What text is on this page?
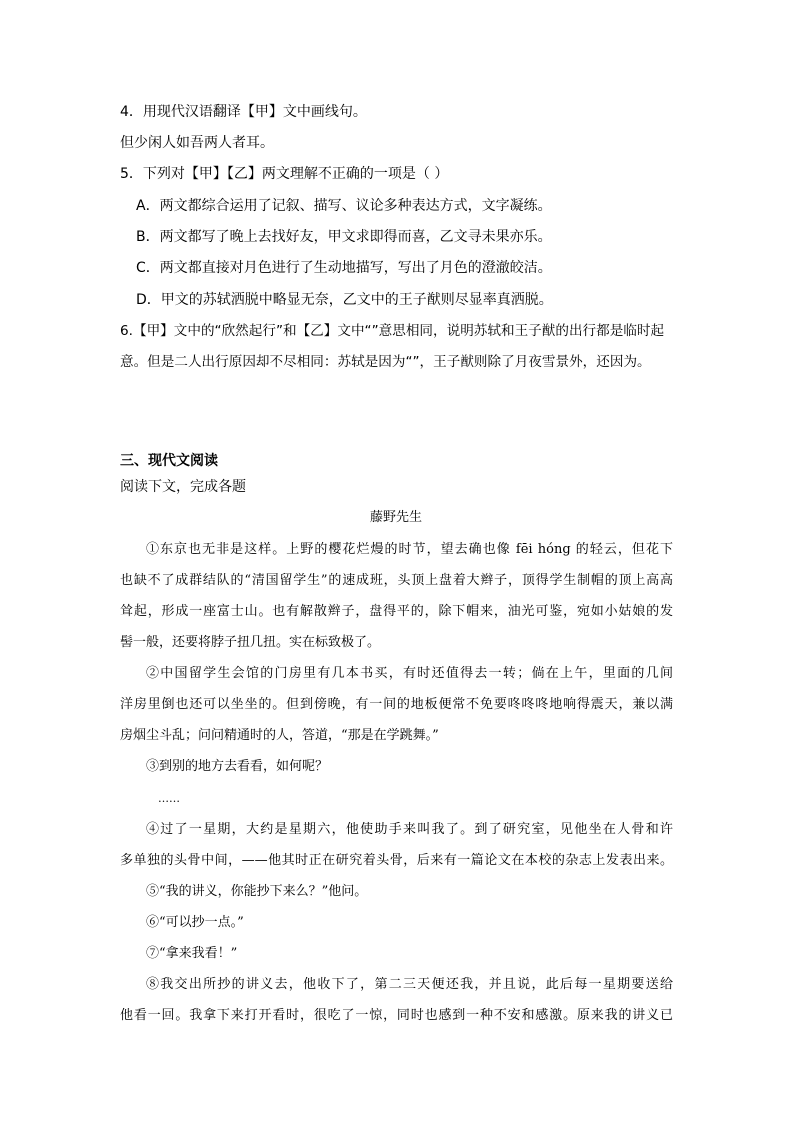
4．用现代汉语翻译【甲】文中画线句。
但少闲人如吾两人者耳。
5．下列对【甲】【乙】两文理解不正确的一项是（ ）
A．两文都综合运用了记叙、描写、议论多种表达方式，文字凝练。
B．两文都写了晚上去找好友，甲文求即得而喜，乙文寻未果亦乐。
C．两文都直接对月色进行了生动地描写，写出了月色的澄澈皎洁。
D．甲文的苏轼洒脱中略显无奈，乙文中的王子猷则尽显率真洒脱。
6.【甲】文中的“欣然起行”和【乙】文中“”意思相同，说明苏轼和王子猷的出行都是临时起
意。但是二人出行原因却不尽相同：苏轼是因为“”，王子猷则除了月夜雪景外，还因为。
三、现代文阅读
阅读下文，完成各题
藤野先生
①东京也无非是这样。上野的樱花烂熳的时节，望去确也像 fēi hóng 的轻云，但花下
也缺不了成群结队的“清国留学生”的速成班，头顶上盘着大辫子，顶得学生制帽的顶上高高
耸起，形成一座富士山。也有解散辫子，盘得平的，除下帽来，油光可鉴，宛如小姑娘的发
髻一般，还要将脖子扭几扭。实在标致极了。
②中国留学生会馆的门房里有几本书买，有时还值得去一转；倘在上午，里面的几间
洋房里倒也还可以坐坐的。但到傍晚，有一间的地板便常不免要咚咚咚地响得震天，兼以满
房烟尘斗乱；问问精通时的人，答道，“那是在学跳舞。”
③到别的地方去看看，如何呢？
……
④过了一星期，大约是星期六，他使助手来叫我了。到了研究室，见他坐在人骨和许
多单独的头骨中间，——他其时正在研究着头骨，后来有一篇论文在本校的杂志上发表出来。
⑤“我的讲义，你能抄下来么？”他问。
⑥“可以抄一点。”
⑦“拿来我看！”
⑧我交出所抄的讲义去，他收下了，第二三天便还我，并且说，此后每一星期要送给
他看一回。我拿下来打开看时，很吃了一惊，同时也感到一种不安和感激。原来我的讲义已
